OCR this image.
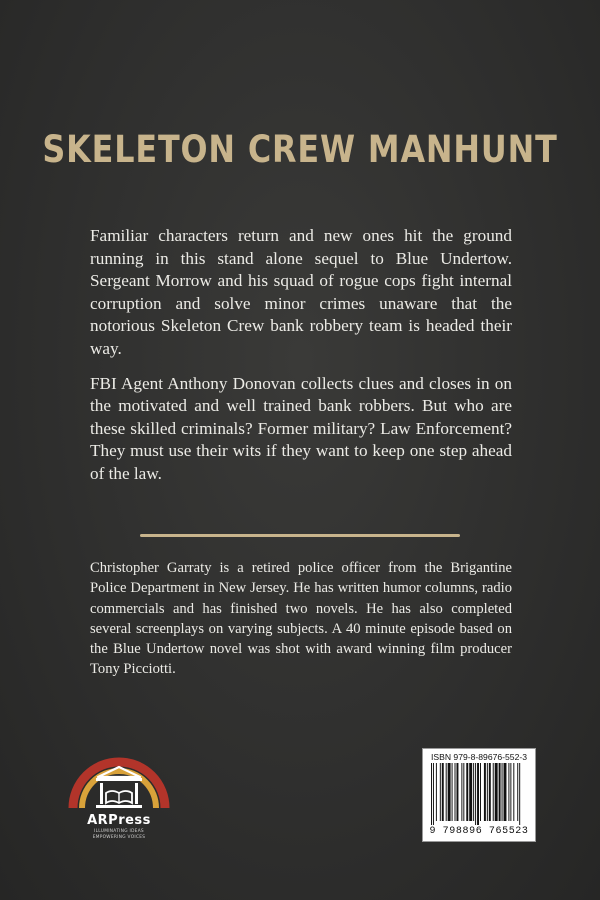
SKELETON CREW MANHUNT

Familiar characters return and new ones hit the ground running in this stand alone sequel to Blue Undertow. Sergeant Morrow and his squad of rogue cops fight internal corruption and solve minor crimes unaware that the notorious Skeleton Crew bank robbery team is headed their way.

FBI Agent Anthony Donovan collects clues and closes in on the motivated and well trained bank robbers. But who are these skilled criminals? Former military? Law Enforcement? They must use their wits if they want to keep one step ahead of the law.

Christopher Garraty is a retired police officer from the Brigantine Police Department in New Jersey. He has written humor columns, radio commercials and has finished two novels. He has also completed several screenplays on varying subjects. A 40 minute episode based on the Blue Undertow novel was shot with award winning film producer Tony Picciotti.

ARPress
ILLUMINATING IDEAS
EMPOWERING VOICES
ISBN 979-8-89676-552-3
9 798896 765523
